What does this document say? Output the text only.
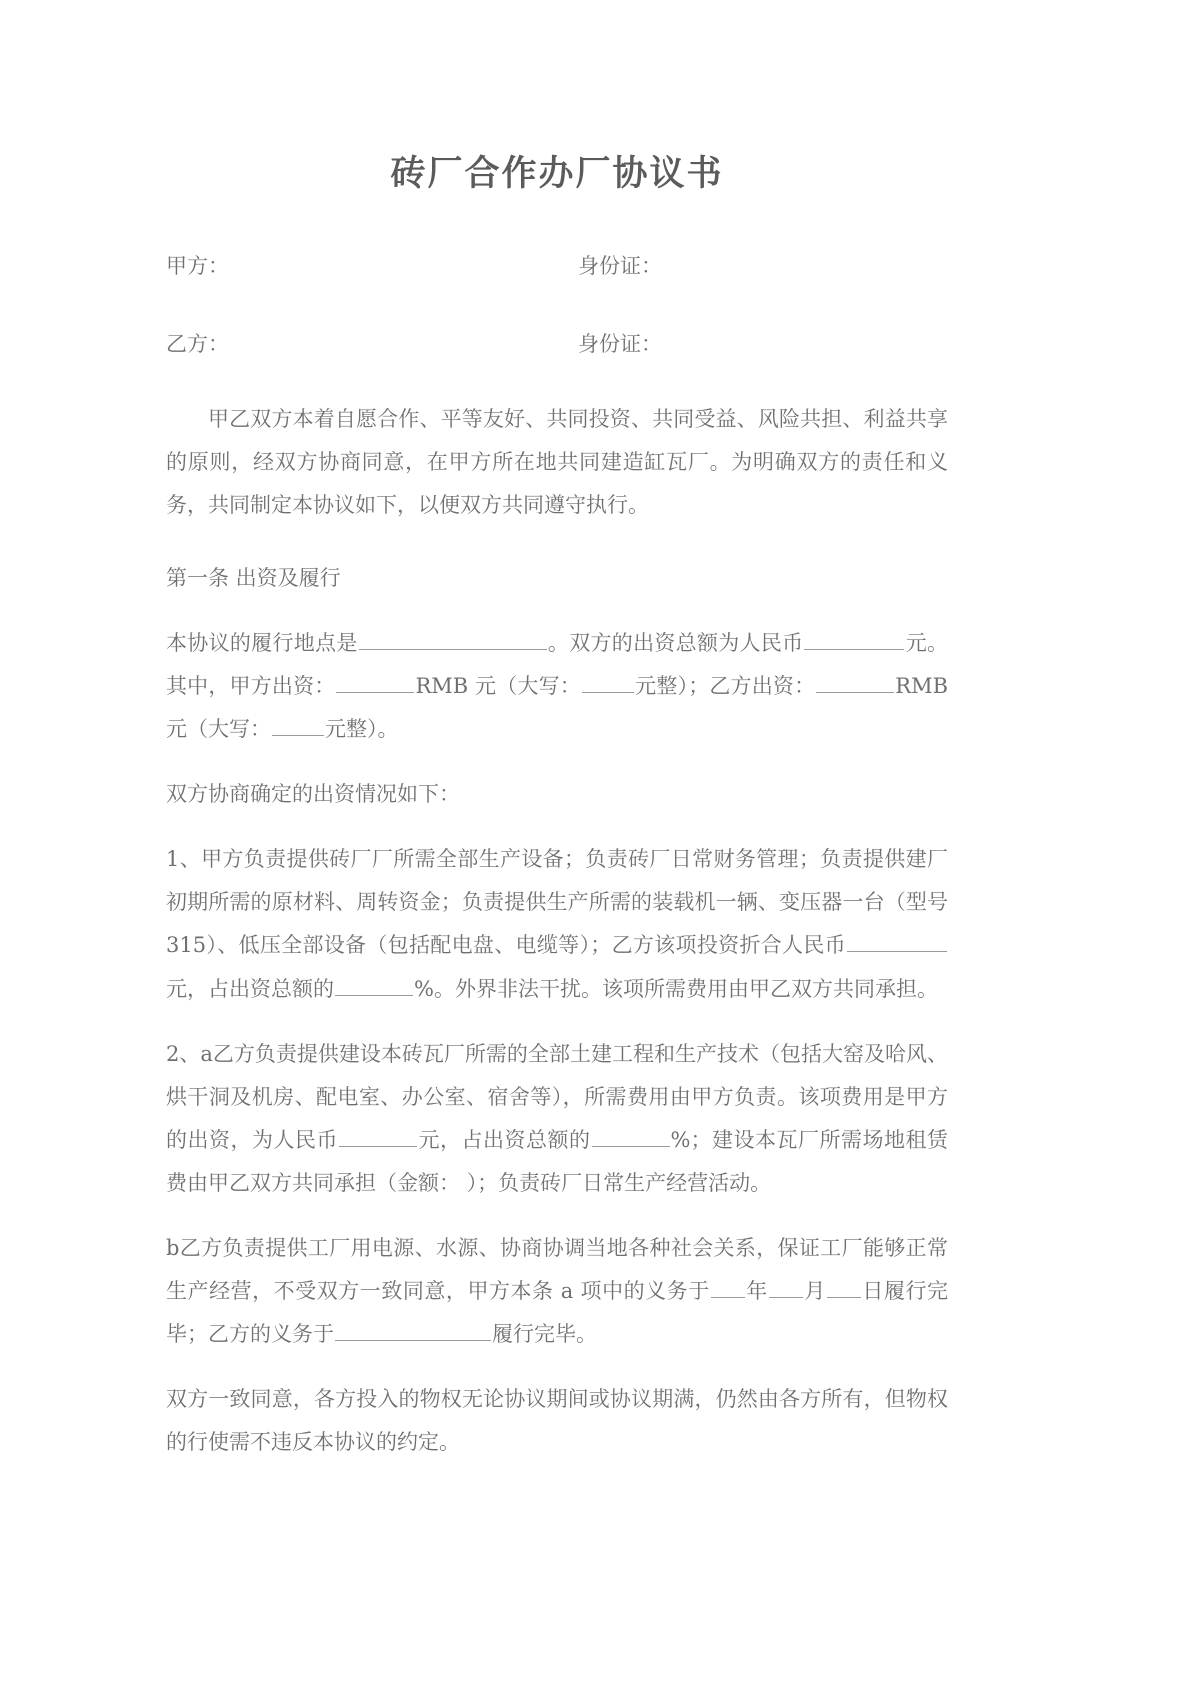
砖厂合作办厂协议书
甲方：	身份证：
乙方：	身份证：

甲乙双方本着自愿合作、平等友好、共同投资、共同受益、风险共担、利益共享的原则，经双方协商同意，在甲方所在地共同建造缸瓦厂。为明确双方的责任和义务，共同制定本协议如下，以便双方共同遵守执行。

第一条 出资及履行

本协议的履行地点是	。双方的出资总额为人民币	元。其中，甲方出资：	RMB 元（大写：	元整）；乙方出资：	RMB 元（大写：	元整）。

双方协商确定的出资情况如下：

1、甲方负责提供砖厂厂所需全部生产设备；负责砖厂日常财务管理；负责提供建厂初期所需的原材料、周转资金；负责提供生产所需的装载机一辆、变压器一台（型号315）、低压全部设备（包括配电盘、电缆等）；乙方该项投资折合人民币元，占出资总额的	%。外界非法干扰。该项所需费用由甲乙双方共同承担。

2、a乙方负责提供建设本砖瓦厂所需的全部土建工程和生产技术（包括大窑及哈风、烘干洞及机房、配电室、办公室、宿舍等），所需费用由甲方负责。该项费用是甲方的出资，为人民币	元，占出资总额的	%；建设本瓦厂所需场地租赁费由甲乙双方共同承担（金额： ）；负责砖厂日常生产经营活动。

b乙方负责提供工厂用电源、水源、协商协调当地各种社会关系，保证工厂能够正常生产经营，不受双方一致同意，甲方本条 a 项中的义务于 年 月 日履行完毕；乙方的义务于	履行完毕。

双方一致同意，各方投入的物权无论协议期间或协议期满，仍然由各方所有，但物权的行使需不违反本协议的约定。
